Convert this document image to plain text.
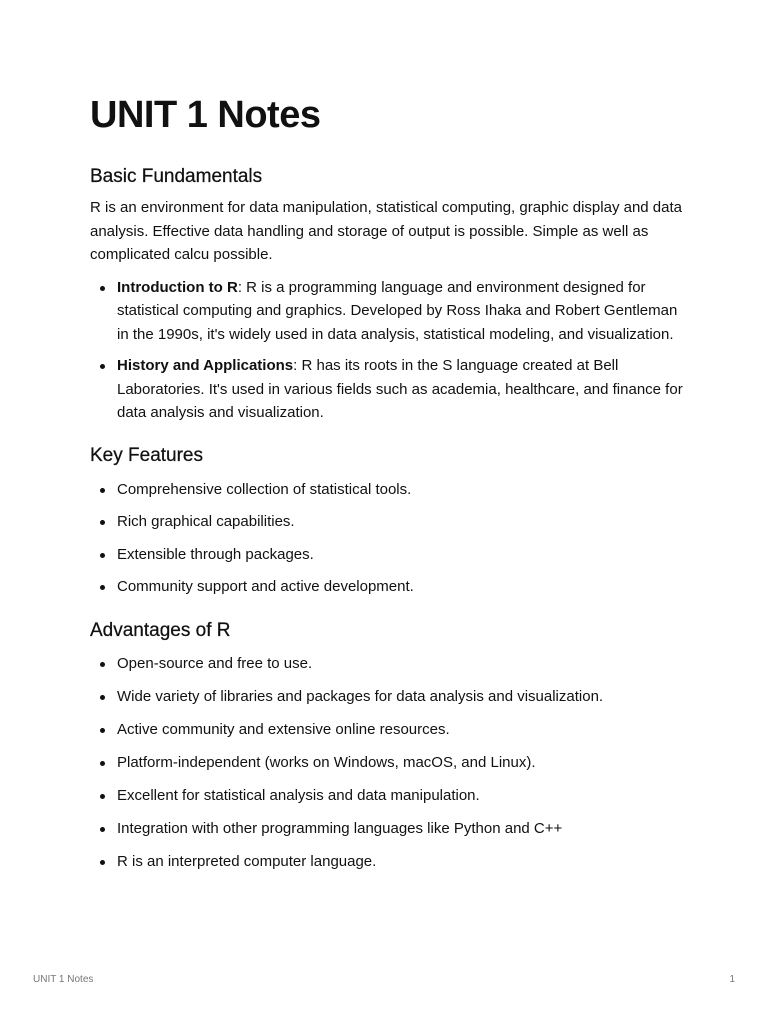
UNIT 1 Notes
Basic Fundamentals

R is an environment for data manipulation, statistical computing, graphic display and data analysis. Effective data handling and storage of output is possible. Simple as well as complicated calcu possible.

Introduction to R: R is a programming language and environment designed for statistical computing and graphics. Developed by Ross Ihaka and Robert Gentleman in the 1990s, it's widely used in data analysis, statistical modeling, and visualization.
History and Applications: R has its roots in the S language created at Bell Laboratories. It's used in various fields such as academia, healthcare, and finance for data analysis and visualization.
Key Features
Comprehensive collection of statistical tools.
Rich graphical capabilities.
Extensible through packages.
Community support and active development.
Advantages of R
Open-source and free to use.
Wide variety of libraries and packages for data analysis and visualization.
Active community and extensive online resources.
Platform-independent (works on Windows, macOS, and Linux).
Excellent for statistical analysis and data manipulation.
Integration with other programming languages like Python and C++
R is an interpreted computer language.
UNIT 1 Notes	1
